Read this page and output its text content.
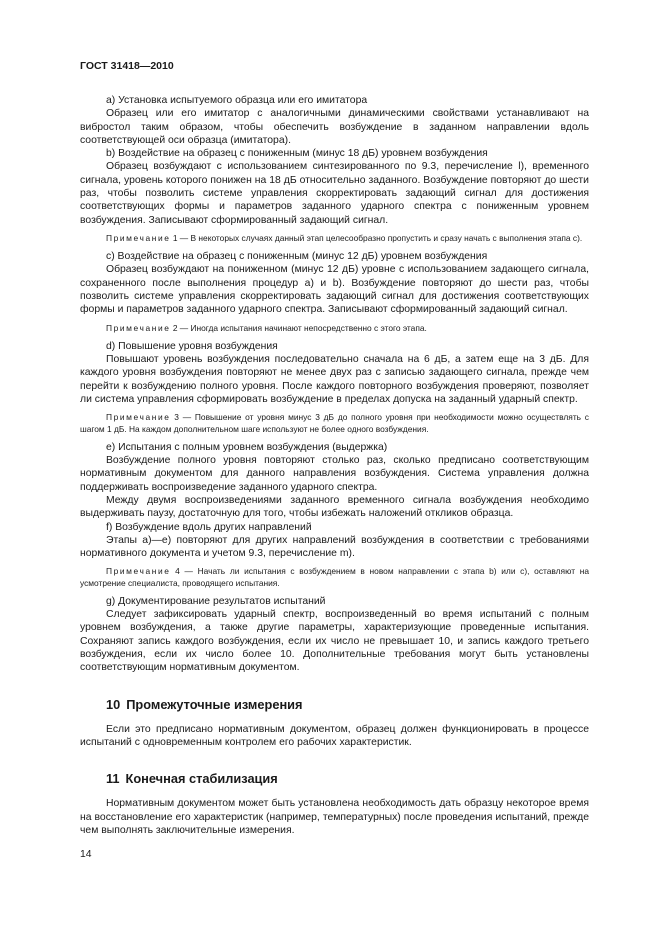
ГОСТ 31418—2010

а) Установка испытуемого образца или его имитатора

Образец или его имитатор с аналогичными динамическими свойствами устанавливают на вибростол таким образом, чтобы обеспечить возбуждение в заданном направлении вдоль соответствующей оси образца (имитатора).

b) Воздействие на образец с пониженным (минус 18 дБ) уровнем возбуждения

Образец возбуждают с использованием синтезированного по 9.3, перечисление l), временного сигнала, уровень которого понижен на 18 дБ относительно заданного. Возбуждение повторяют до шести раз, чтобы позволить системе управления скорректировать задающий сигнал для достижения соответствующих формы и параметров заданного ударного спектра с пониженным уровнем возбуждения. Записывают сформированный задающий сигнал.

Примечание 1 — В некоторых случаях данный этап целесообразно пропустить и сразу начать с выполнения этапа с).

с) Воздействие на образец с пониженным (минус 12 дБ) уровнем возбуждения

Образец возбуждают на пониженном (минус 12 дБ) уровне с использованием задающего сигнала, сохраненного после выполнения процедур а) и b). Возбуждение повторяют до шести раз, чтобы позволить системе управления скорректировать задающий сигнал для достижения соответствующих формы и параметров заданного ударного спектра. Записывают сформированный задающий сигнал.

Примечание 2 — Иногда испытания начинают непосредственно с этого этапа.

d) Повышение уровня возбуждения

Повышают уровень возбуждения последовательно сначала на 6 дБ, а затем еще на 3 дБ. Для каждого уровня возбуждения повторяют не менее двух раз с записью задающего сигнала, прежде чем перейти к возбуждению полного уровня. После каждого повторного возбуждения проверяют, позволяет ли система управления сформировать возбуждение в пределах допуска на заданный ударный спектр.

Примечание 3 — Повышение от уровня минус 3 дБ до полного уровня при необходимости можно осуществлять с шагом 1 дБ. На каждом дополнительном шаге используют не более одного возбуждения.

е) Испытания с полным уровнем возбуждения (выдержка)

Возбуждение полного уровня повторяют столько раз, сколько предписано соответствующим нормативным документом для данного направления возбуждения. Система управления должна поддерживать воспроизведение заданного ударного спектра.

Между двумя воспроизведениями заданного временного сигнала возбуждения необходимо выдерживать паузу, достаточную для того, чтобы избежать наложений откликов образца.

f) Возбуждение вдоль других направлений

Этапы а)—е) повторяют для других направлений возбуждения в соответствии с требованиями нормативного документа и учетом 9.3, перечисление m).

Примечание 4 — Начать ли испытания с возбуждением в новом направлении с этапа b) или с), оставляют на усмотрение специалиста, проводящего испытания.

g) Документирование результатов испытаний

Следует зафиксировать ударный спектр, воспроизведенный во время испытаний с полным уровнем возбуждения, а также другие параметры, характеризующие проведенные испытания. Сохраняют запись каждого возбуждения, если их число не превышает 10, и запись каждого третьего возбуждения, если их число более 10. Дополнительные требования могут быть установлены соответствующим нормативным документом.

10 Промежуточные измерения

Если это предписано нормативным документом, образец должен функционировать в процессе испытаний с одновременным контролем его рабочих характеристик.

11 Конечная стабилизация

Нормативным документом может быть установлена необходимость дать образцу некоторое время на восстановление его характеристик (например, температурных) после проведения испытаний, прежде чем выполнять заключительные измерения.

14
